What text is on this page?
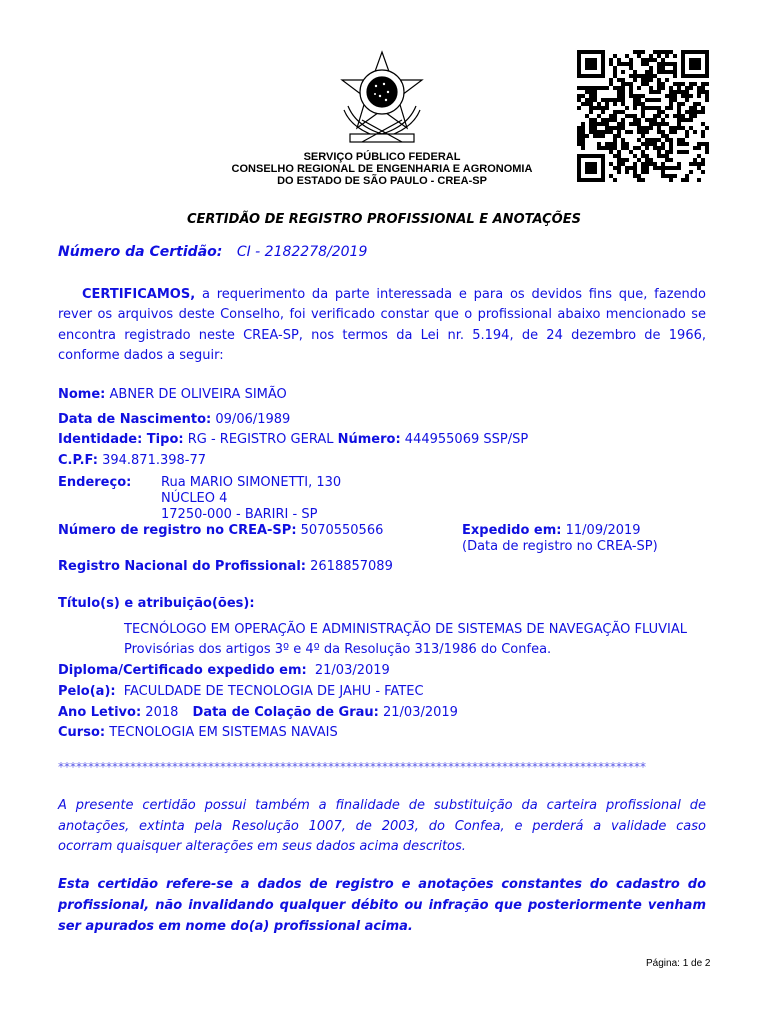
SERVIÇO PÚBLICO FEDERAL
CONSELHO REGIONAL DE ENGENHARIA E AGRONOMIA
DO ESTADO DE SÃO PAULO - CREA-SP
CERTIDÃO DE REGISTRO PROFISSIONAL E ANOTAÇÕES
Número da Certidão: CI - 2182278/2019
CERTIFICAMOS, a requerimento da parte interessada e para os devidos fins que, fazendo
rever os arquivos deste Conselho, foi verificado constar que o profissional abaixo mencionado se
encontra registrado neste CREA-SP, nos termos da Lei nr. 5.194, de 24 dezembro de 1966,
conforme dados a seguir:
Nome: ABNER DE OLIVEIRA SIMÃO
Data de Nascimento: 09/06/1989
Identidade: Tipo: RG - REGISTRO GERAL Número: 444955069 SSP/SP
C.P.F: 394.871.398-77
Endereço: Rua MARIO SIMONETTI, 130
NÚCLEO 4
17250-000 - BARIRI - SP
Número de registro no CREA-SP: 5070550566	Expedido em: 11/09/2019
(Data de registro no CREA-SP)
Registro Nacional do Profissional: 2618857089
Título(s) e atribuição(ões):
TECNÓLOGO EM OPERAÇÃO E ADMINISTRAÇÃO DE SISTEMAS DE NAVEGAÇÃO FLUVIAL
Provisórias dos artigos 3º e 4º da Resolução 313/1986 do Confea.
Diploma/Certificado expedido em: 21/03/2019
Pelo(a): FACULDADE DE TECNOLOGIA DE JAHU - FATEC
Ano Letivo: 2018 Data de Colação de Grau: 21/03/2019
Curso: TECNOLOGIA EM SISTEMAS NAVAIS
**************************************************************************************************
A presente certidão possui também a finalidade de substituição da carteira profissional de
anotações, extinta pela Resolução 1007, de 2003, do Confea, e perderá a validade caso
ocorram quaisquer alterações em seus dados acima descritos.
Esta certidão refere-se a dados de registro e anotações constantes do cadastro do
profissional, não invalidando qualquer débito ou infração que posteriormente venham
ser apurados em nome do(a) profissional acima.
Página: 1 de 2
